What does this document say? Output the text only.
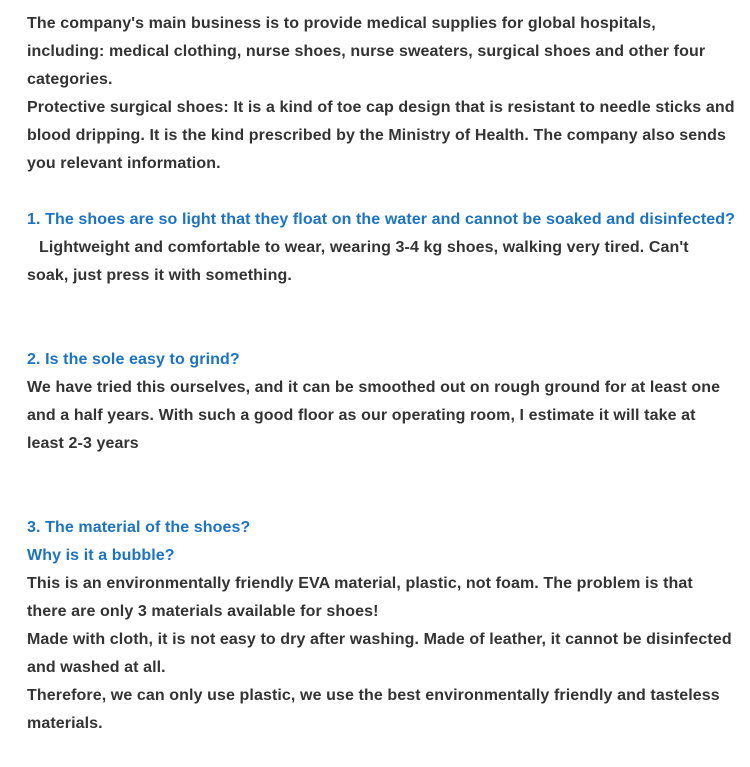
The company's main business is to provide medical supplies for global hospitals,
including: medical clothing, nurse shoes, nurse sweaters, surgical shoes and other four
categories.
Protective surgical shoes: It is a kind of toe cap design that is resistant to needle sticks and
blood dripping. It is the kind prescribed by the Ministry of Health. The company also sends
you relevant information.
1. The shoes are so light that they float on the water and cannot be soaked and disinfected?
Lightweight and comfortable to wear, wearing 3-4 kg shoes, walking very tired. Can't
soak, just press it with something.
2. Is the sole easy to grind?
We have tried this ourselves, and it can be smoothed out on rough ground for at least one
and a half years. With such a good floor as our operating room, I estimate it will take at
least 2-3 years
3. The material of the shoes?
Why is it a bubble?
This is an environmentally friendly EVA material, plastic, not foam. The problem is that
there are only 3 materials available for shoes!
Made with cloth, it is not easy to dry after washing. Made of leather, it cannot be disinfected
and washed at all.
Therefore, we can only use plastic, we use the best environmentally friendly and tasteless
materials.
